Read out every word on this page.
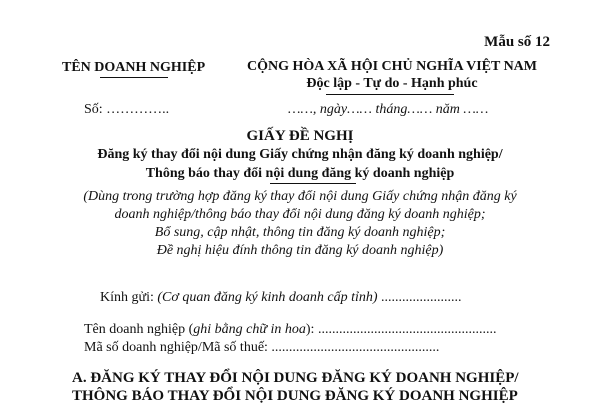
Mẫu số 12
TÊN DOANH NGHIỆP	CỘNG HÒA XÃ HỘI CHỦ NGHĨA VIỆT NAM
Độc lập - Tự do - Hạnh phúc
Số: …………..	……, ngày…… tháng…… năm ……
GIẤY ĐỀ NGHỊ
Đăng ký thay đổi nội dung Giấy chứng nhận đăng ký doanh nghiệp/
Thông báo thay đổi nội dung đăng ký doanh nghiệp
(Dùng trong trường hợp đăng ký thay đổi nội dung Giấy chứng nhận đăng ký
doanh nghiệp/thông báo thay đổi nội dung đăng ký doanh nghiệp;
Bổ sung, cập nhật, thông tin đăng ký doanh nghiệp;
Đề nghị hiệu đính thông tin đăng ký doanh nghiệp)
Kính gửi: (Cơ quan đăng ký kinh doanh cấp tỉnh) .......................
Tên doanh nghiệp (ghi bằng chữ in hoa): ...................................................
Mã số doanh nghiệp/Mã số thuế: ................................................
A. ĐĂNG KÝ THAY ĐỔI NỘI DUNG ĐĂNG KÝ DOANH NGHIỆP/
THÔNG BÁO THAY ĐỔI NỘI DUNG ĐĂNG KÝ DOANH NGHIỆP
